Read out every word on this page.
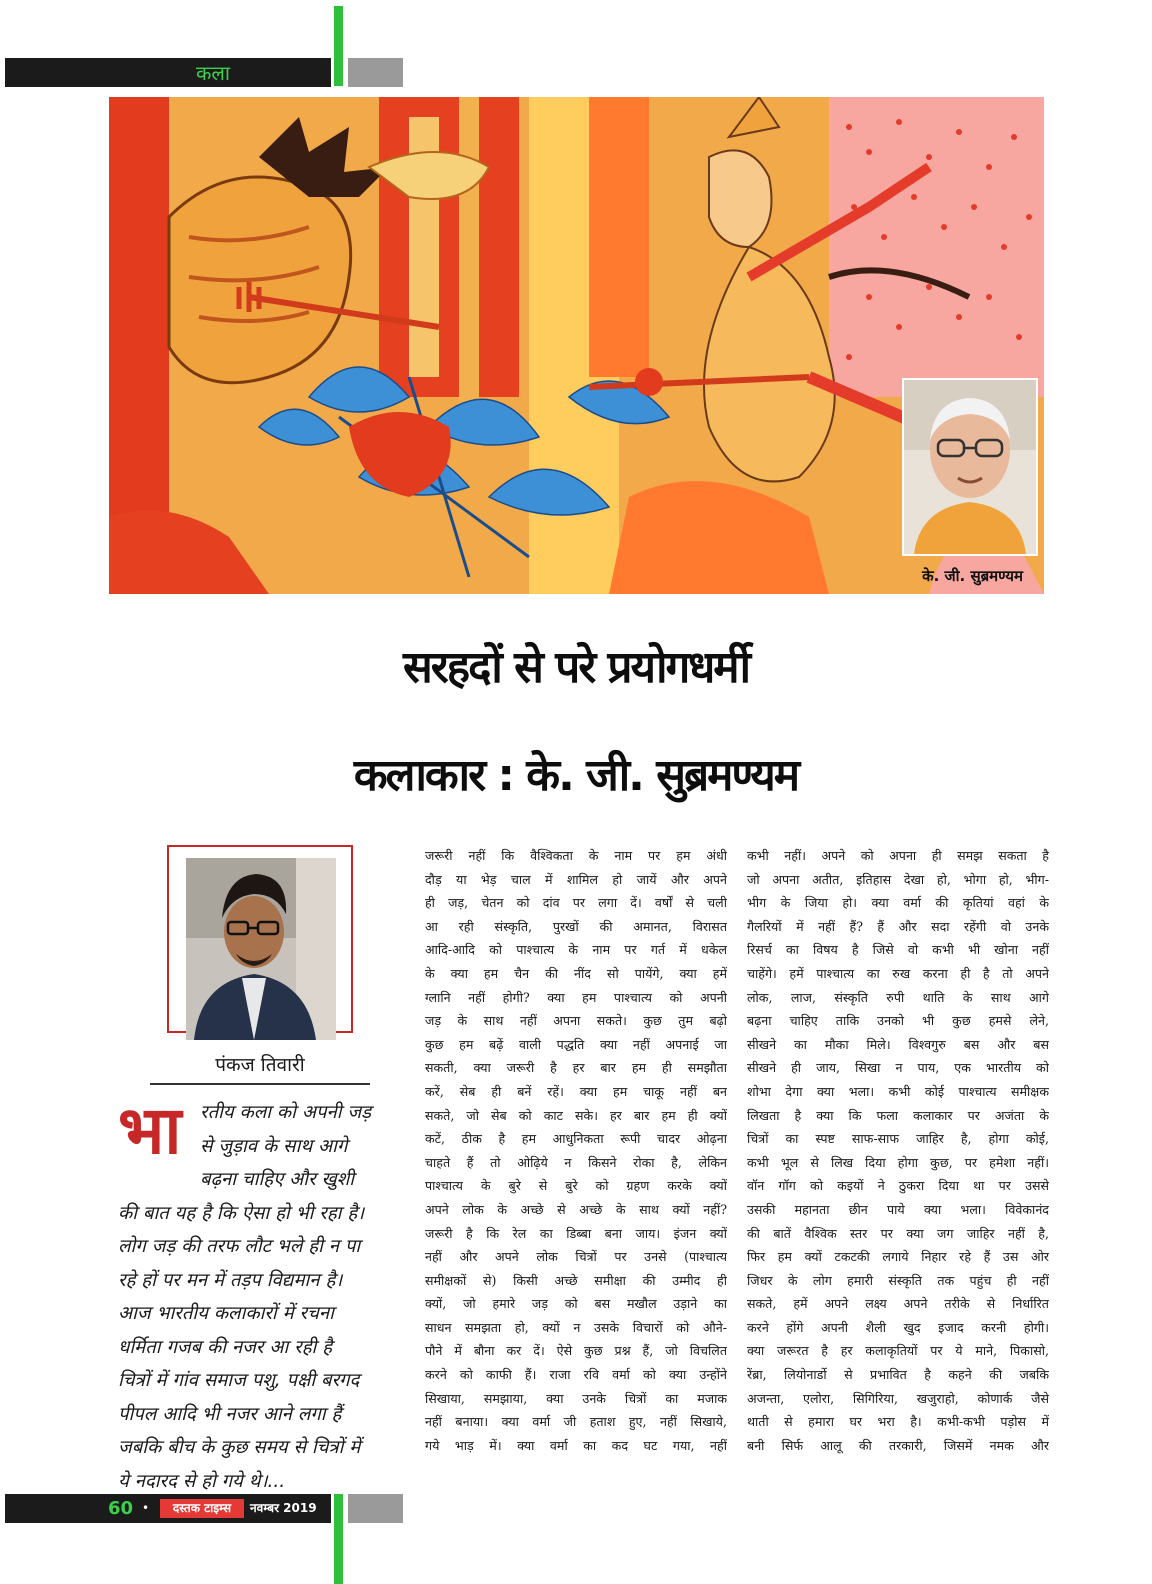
कला
के. जी. सुब्रमण्यम
सरहदों से परे प्रयोगधर्मी
कलाकार : के. जी. सुब्रमण्यम
पंकज तिवारी
भा	रतीय कला को अपनी जड़
से जुड़ाव के साथ आगे
बढ़ना चाहिए और खुशी
की बात यह है कि ऐसा हो भी रहा है।
लोग जड़ की तरफ लौट भले ही न पा
रहे हों पर मन में तड़प विद्यमान है।
आज भारतीय कलाकारों में रचना
धर्मिता गजब की नजर आ रही है
चित्रों में गांव समाज पशु, पक्षी बरगद
पीपल आदि भी नजर आने लगा हैं
जबकि बीच के कुछ समय से चित्रों में
ये नदारद से हो गये थे।...
जरूरी नहीं कि वैश्विकता के नाम पर हम अंधी
दौड़ या भेड़ चाल में शामिल हो जायें और अपने
ही जड़, चेतन को दांव पर लगा दें। वर्षों से चली
आ रही संस्कृति, पुरखों की अमानत, विरासत
आदि-आदि को पाश्चात्य के नाम पर गर्त में धकेल
के क्या हम चैन की नींद सो पायेंगे, क्या हमें
ग्लानि नहीं होगी? क्या हम पाश्चात्य को अपनी
जड़ के साथ नहीं अपना सकते। कुछ तुम बढ़ो
कुछ हम बढ़ें वाली पद्धति क्या नहीं अपनाई जा
सकती, क्या जरूरी है हर बार हम ही समझौता
करें, सेब ही बनें रहें। क्या हम चाकू नहीं बन
सकते, जो सेब को काट सके। हर बार हम ही क्यों
कटें, ठीक है हम आधुनिकता रूपी चादर ओढ़ना
चाहते हैं तो ओढ़िये न किसने रोका है, लेकिन
पाश्चात्य के बुरे से बुरे को ग्रहण करके क्यों
अपने लोक के अच्छे से अच्छे के साथ क्यों नहीं?
जरूरी है कि रेल का डिब्बा बना जाय। इंजन क्यों
नहीं और अपने लोक चित्रों पर उनसे (पाश्चात्य
समीक्षकों से) किसी अच्छे समीक्षा की उम्मीद ही
क्यों, जो हमारे जड़ को बस मखौल उड़ाने का
साधन समझता हो, क्यों न उसके विचारों को औने-
पौने में बौना कर दें। ऐसे कुछ प्रश्न हैं, जो विचलित
करने को काफी हैं। राजा रवि वर्मा को क्या उन्होंने
सिखाया, समझाया, क्या उनके चित्रों का मजाक
नहीं बनाया। क्या वर्मा जी हताश हुए, नहीं सिखाये,
गये भाड़ में। क्या वर्मा का कद घट गया, नहीं
कभी नहीं। अपने को अपना ही समझ सकता है
जो अपना अतीत, इतिहास देखा हो, भोगा हो, भीग-
भीग के जिया हो। क्या वर्मा की कृतियां वहां के
गैलरियों में नहीं हैं? हैं और सदा रहेंगी वो उनके
रिसर्च का विषय है जिसे वो कभी भी खोना नहीं
चाहेंगे। हमें पाश्चात्य का रुख करना ही है तो अपने
लोक, लाज, संस्कृति रुपी थाति के साथ आगे
बढ़ना चाहिए ताकि उनको भी कुछ हमसे लेने,
सीखने का मौका मिले। विश्वगुरु बस और बस
सीखने ही जाय, सिखा न पाय, एक भारतीय को
शोभा देगा क्या भला। कभी कोई पाश्चात्य समीक्षक
लिखता है क्या कि फला कलाकार पर अजंता के
चित्रों का स्पष्ट साफ-साफ जाहिर है, होगा कोई,
कभी भूल से लिख दिया होगा कुछ, पर हमेशा नहीं।
वॉन गॉग को कइयों ने ठुकरा दिया था पर उससे
उसकी महानता छीन पाये क्या भला। विवेकानंद
की बातें वैश्विक स्तर पर क्या जग जाहिर नहीं है,
फिर हम क्यों टकटकी लगाये निहार रहे हैं उस ओर
जिधर के लोग हमारी संस्कृति तक पहुंच ही नहीं
सकते, हमें अपने लक्ष्य अपने तरीके से निर्धारित
करने होंगे अपनी शैली खुद इजाद करनी होगी।
क्या जरूरत है हर कलाकृतियों पर ये माने, पिकासो,
रेंब्रा, लियोनार्डो से प्रभावित है कहने की जबकि
अजन्ता, एलोरा, सिगिरिया, खजुराहो, कोणार्क जैसे
थाती से हमारा घर भरा है। कभी-कभी पड़ोस में
बनी सिर्फ आलू की तरकारी, जिसमें नमक और
60 •	दस्तक टाइम्स	नवम्बर 2019
